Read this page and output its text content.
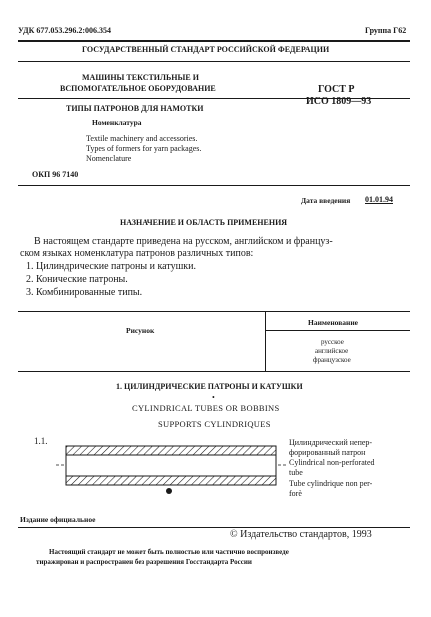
УДК 677.053.296.2:006.354	Группа Г62
ГОСУДАРСТВЕННЫЙ СТАНДАРТ РОССИЙСКОЙ ФЕДЕРАЦИИ
МАШИНЫ ТЕКСТИЛЬНЫЕ И
ВСПОМОГАТЕЛЬНОЕ ОБОРУДОВАНИЕ
ТИПЫ ПАТРОНОВ ДЛЯ НАМОТКИ
Номенклатура
Textile machinery and accessories.
Types of formers for yarn packages.
Nomenclature
ГОСТ Р
ИСО 1809—93
ОКП 96 7140
Дата введения 01.01.94
НАЗНАЧЕНИЕ И ОБЛАСТЬ ПРИМЕНЕНИЯ
В настоящем стандарте приведена на русском, английском и француз-
ском языках номенклатура патронов различных типов:
1. Цилиндрические патроны и катушки.
2. Конические патроны.
3. Комбинированные типы.
Рисунок
Наименование
русское
английское
французское
1. ЦИЛИНДРИЧЕСКИЕ ПАТРОНЫ И КАТУШКИ
•
CYLINDRICAL TUBES OR BOBBINS
SUPPORTS CYLINDRIQUES
1.1.	Цилиндрический непер-
форированный патрон
Cylindrical non-perforated
tube
Tube cylindrique non per-
forè
Издание официальное
© Издательство стандартов, 1993
Настоящий стандарт не может быть полностью или частично воспроизведе
тиражирован и распространен без разрешения Госстандарта России
